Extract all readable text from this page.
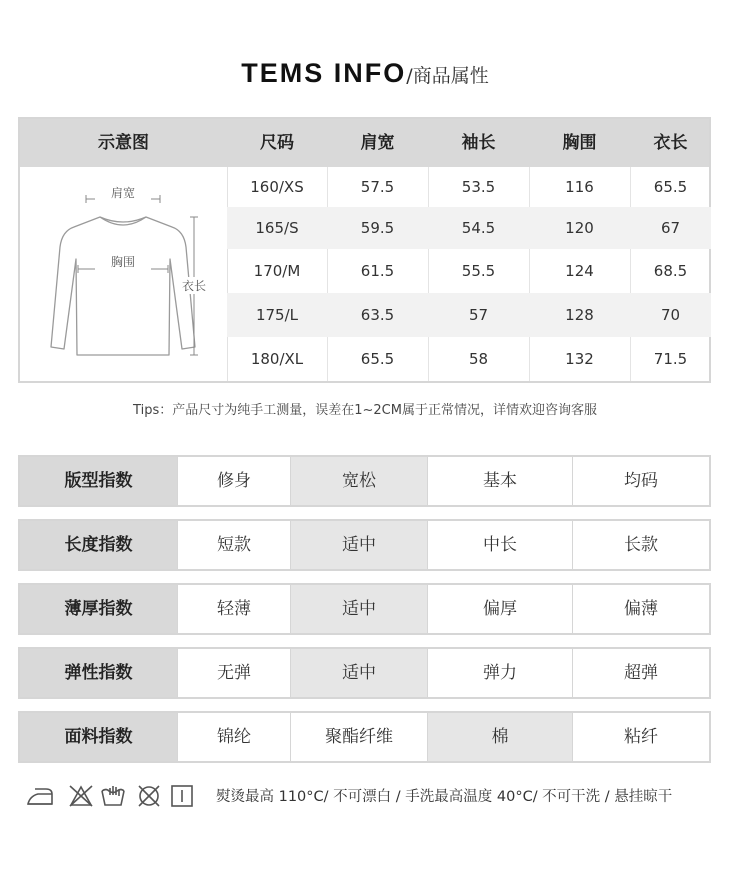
TEMS INFO/商品属性
示意图	尺码	肩宽	袖长	胸围	衣长
肩宽
胸围
衣长
160/XS	57.5	53.5	116	65.5
165/S	59.5	54.5	120	67
170/M	61.5	55.5	124	68.5
175/L	63.5	57	128	70
180/XL	65.5	58	132	71.5
Tips：产品尺寸为纯手工测量，误差在1~2CM属于正常情况，详情欢迎咨询客服
版型指数	修身	宽松	基本	均码
长度指数	短款	适中	中长	长款
薄厚指数	轻薄	适中	偏厚	偏薄
弹性指数	无弹	适中	弹力	超弹
面料指数	锦纶	聚酯纤维	棉	粘纤
熨烫最高 110°C/ 不可漂白 / 手洗最高温度 40°C/ 不可干洗 / 悬挂晾干
